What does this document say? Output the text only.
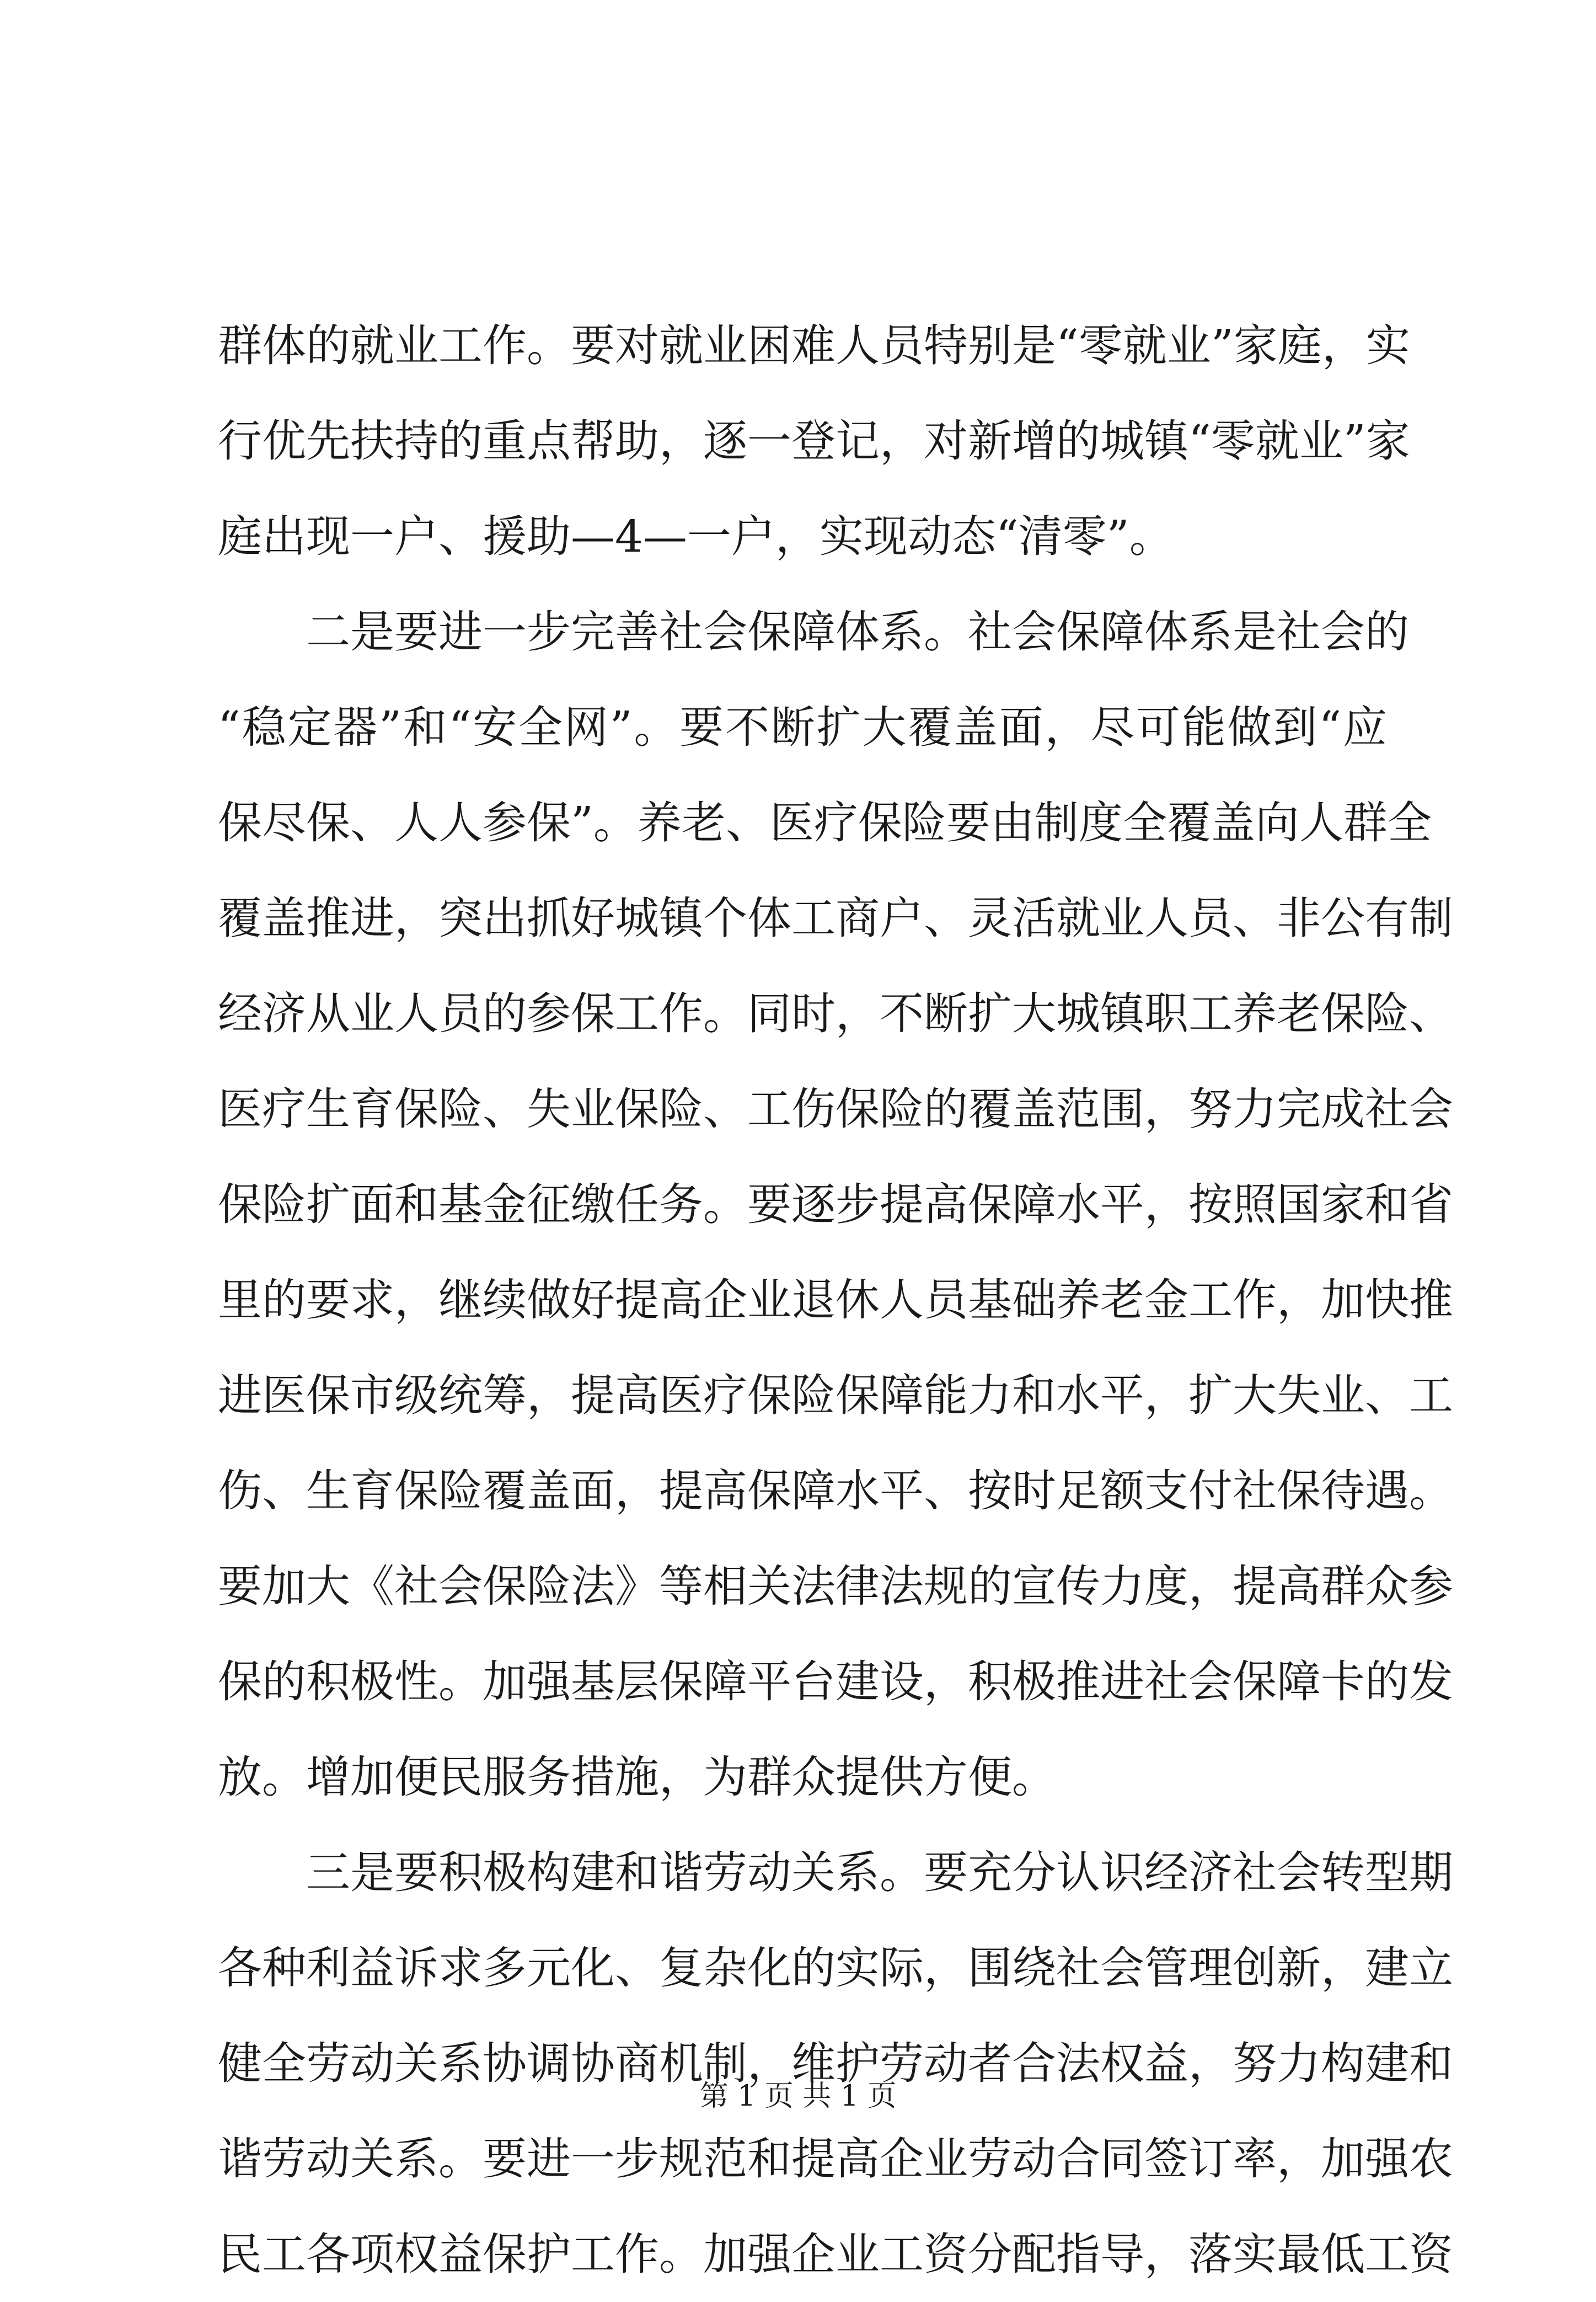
群体的就业工作。要对就业困难人员特别是“零就业”家庭，实
行优先扶持的重点帮助，逐一登记，对新增的城镇“零就业”家
庭出现一户、援助—4—一户，实现动态“清零”。
二是要进一步完善社会保障体系。社会保障体系是社会的
“稳定器”和“安全网”。要不断扩大覆盖面，尽可能做到“应
保尽保、人人参保”。养老、医疗保险要由制度全覆盖向人群全
覆盖推进，突出抓好城镇个体工商户、灵活就业人员、非公有制
经济从业人员的参保工作。同时，不断扩大城镇职工养老保险、
医疗生育保险、失业保险、工伤保险的覆盖范围，努力完成社会
保险扩面和基金征缴任务。要逐步提高保障水平，按照国家和省
里的要求，继续做好提高企业退休人员基础养老金工作，加快推
进医保市级统筹，提高医疗保险保障能力和水平，扩大失业、工
伤、生育保险覆盖面，提高保障水平、按时足额支付社保待遇。
要加大《社会保险法》等相关法律法规的宣传力度，提高群众参
保的积极性。加强基层保障平台建设，积极推进社会保障卡的发
放。增加便民服务措施，为群众提供方便。
三是要积极构建和谐劳动关系。要充分认识经济社会转型期
各种利益诉求多元化、复杂化的实际，围绕社会管理创新，建立
健全劳动关系协调协商机制，维护劳动者合法权益，努力构建和
谐劳动关系。要进一步规范和提高企业劳动合同签订率，加强农
民工各项权益保护工作。加强企业工资分配指导，落实最低工资
第 1 页 共 1 页
